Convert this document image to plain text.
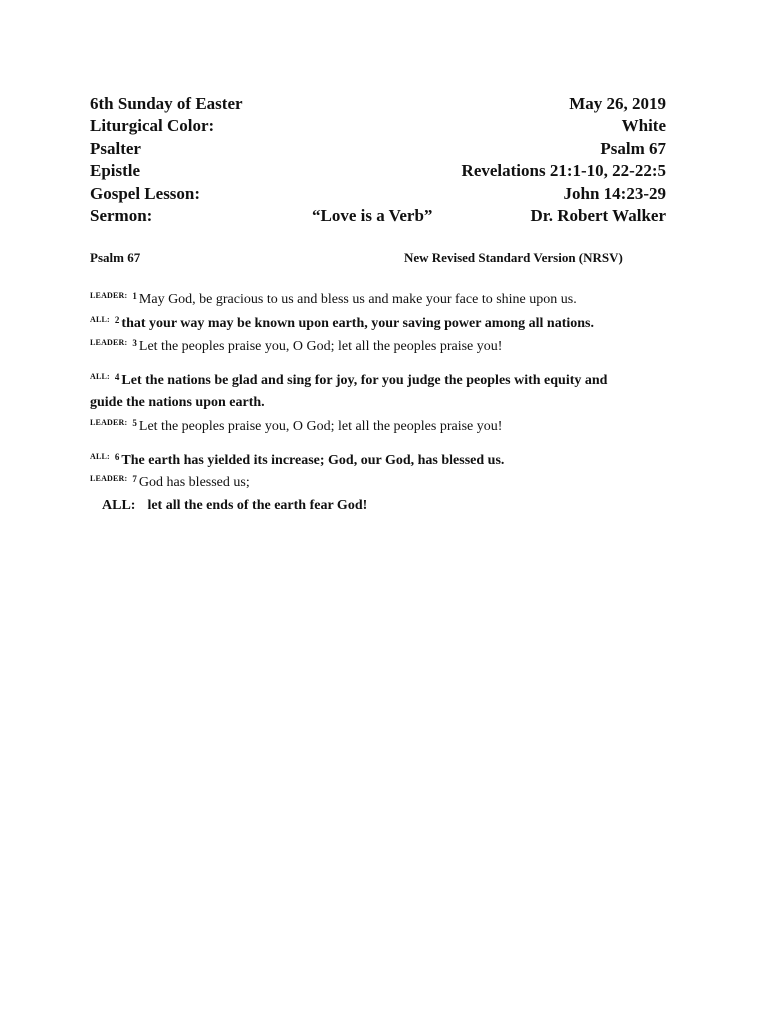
6th Sunday of Easter	May 26, 2019
Liturgical Color:	White
Psalter	Psalm 67
Epistle	Revelations 21:1-10, 22-22:5
Gospel Lesson:	John 14:23-29
Sermon:	“Love is a Verb”	Dr. Robert Walker
Psalm 67	New Revised Standard Version (NRSV)
$^{LEADER:}$ $^1$ May God, be gracious to us and bless us and make your face to shine upon us.
$^{ALL:}$ $^2$ that your way may be known upon earth, your saving power among all nations.
$^{LEADER:}$ $^3$ Let the peoples praise you, O God; let all the peoples praise you!
$^{ALL:}$ $^4$ Let the nations be glad and sing for joy, for you judge the peoples with equity and
guide the nations upon earth.
$^{LEADER:}$ $^5$ Let the peoples praise you, O God; let all the peoples praise you!
$^{ALL:}$ $^6$ The earth has yielded its increase; God, our God, has blessed us.
$^{LEADER:}$ $^7$ God has blessed us;
ALL: let all the ends of the earth fear God!
